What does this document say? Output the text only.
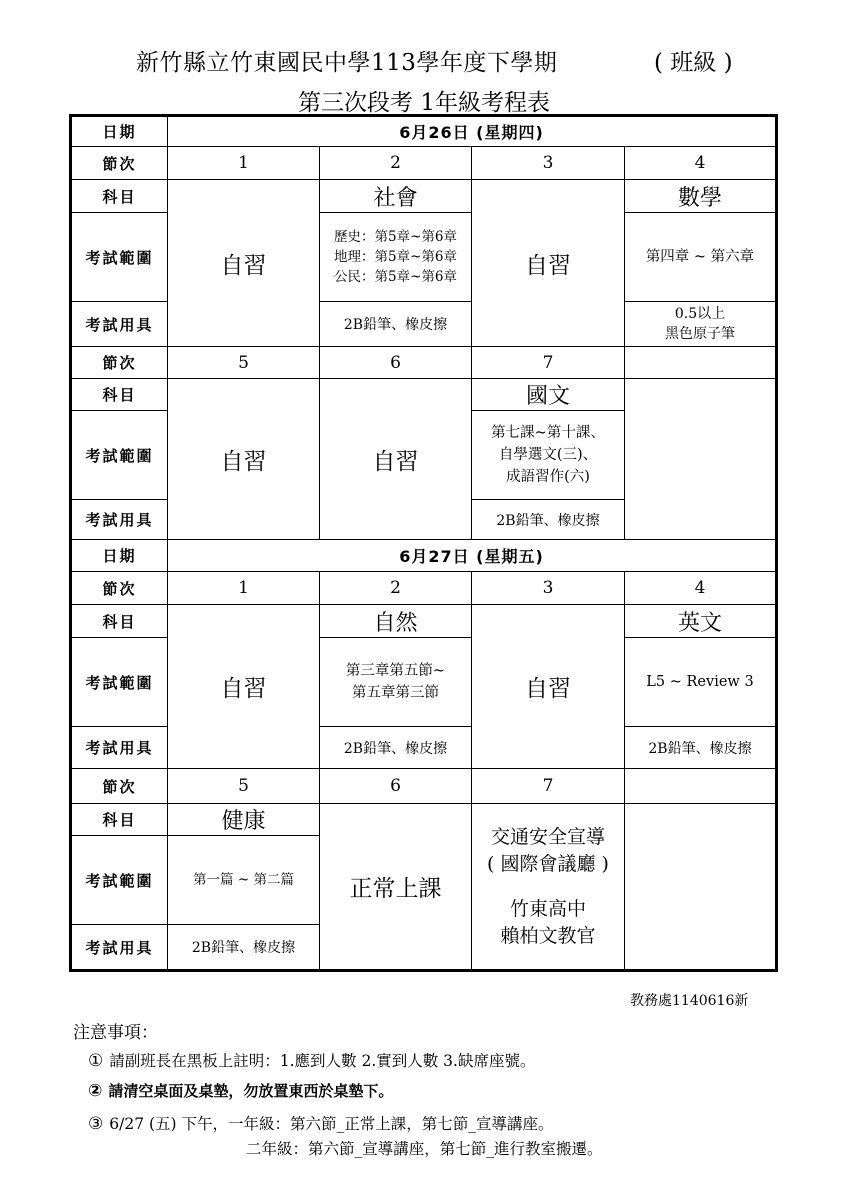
新竹縣立竹東國民中學113學年度下學期	( 班級 )
第三次段考 1年級考程表
日期	6月26日 (星期四)			
節次	1	2	3	4
科目	自習	社會	自習	數學
考試範圍		歷史：第5章~第6章
地理：第5章~第6章
公民：第5章~第6章		第四章 ~ 第六章
考試用具		2B鉛筆、橡皮擦		0.5以上
黑色原子筆

節次	5	6	7	
科目	自習	自習	國文	
考試範圍			第七課~第十課、
自學選文(三)、
成語習作(六)	

考試用具			2B鉛筆、橡皮擦	
日期	6月27日 (星期五)			
節次	1	2	3	4
科目	自習	自然	自習	英文
考試範圍		第三章第五節~
第五章第三節		L5 ~ Review 3
考試用具		2B鉛筆、橡皮擦		2B鉛筆、橡皮擦
節次	5	6	7	
科目	健康	正常上課	交通安全宣導
( 國際會議廳 )
竹東高中
賴柏文教官	

考試範圍	第一篇 ~ 第二篇			
考試用具	2B鉛筆、橡皮擦			
教務處1140616新
注意事項：
① 請副班長在黑板上註明：1.應到人數 2.實到人數 3.缺席座號。
② 請清空桌面及桌墊，勿放置東西於桌墊下。
③ 6/27 (五) 下午，一年級：第六節_正常上課，第七節_宣導講座。
二年級：第六節_宣導講座，第七節_進行教室搬遷。
